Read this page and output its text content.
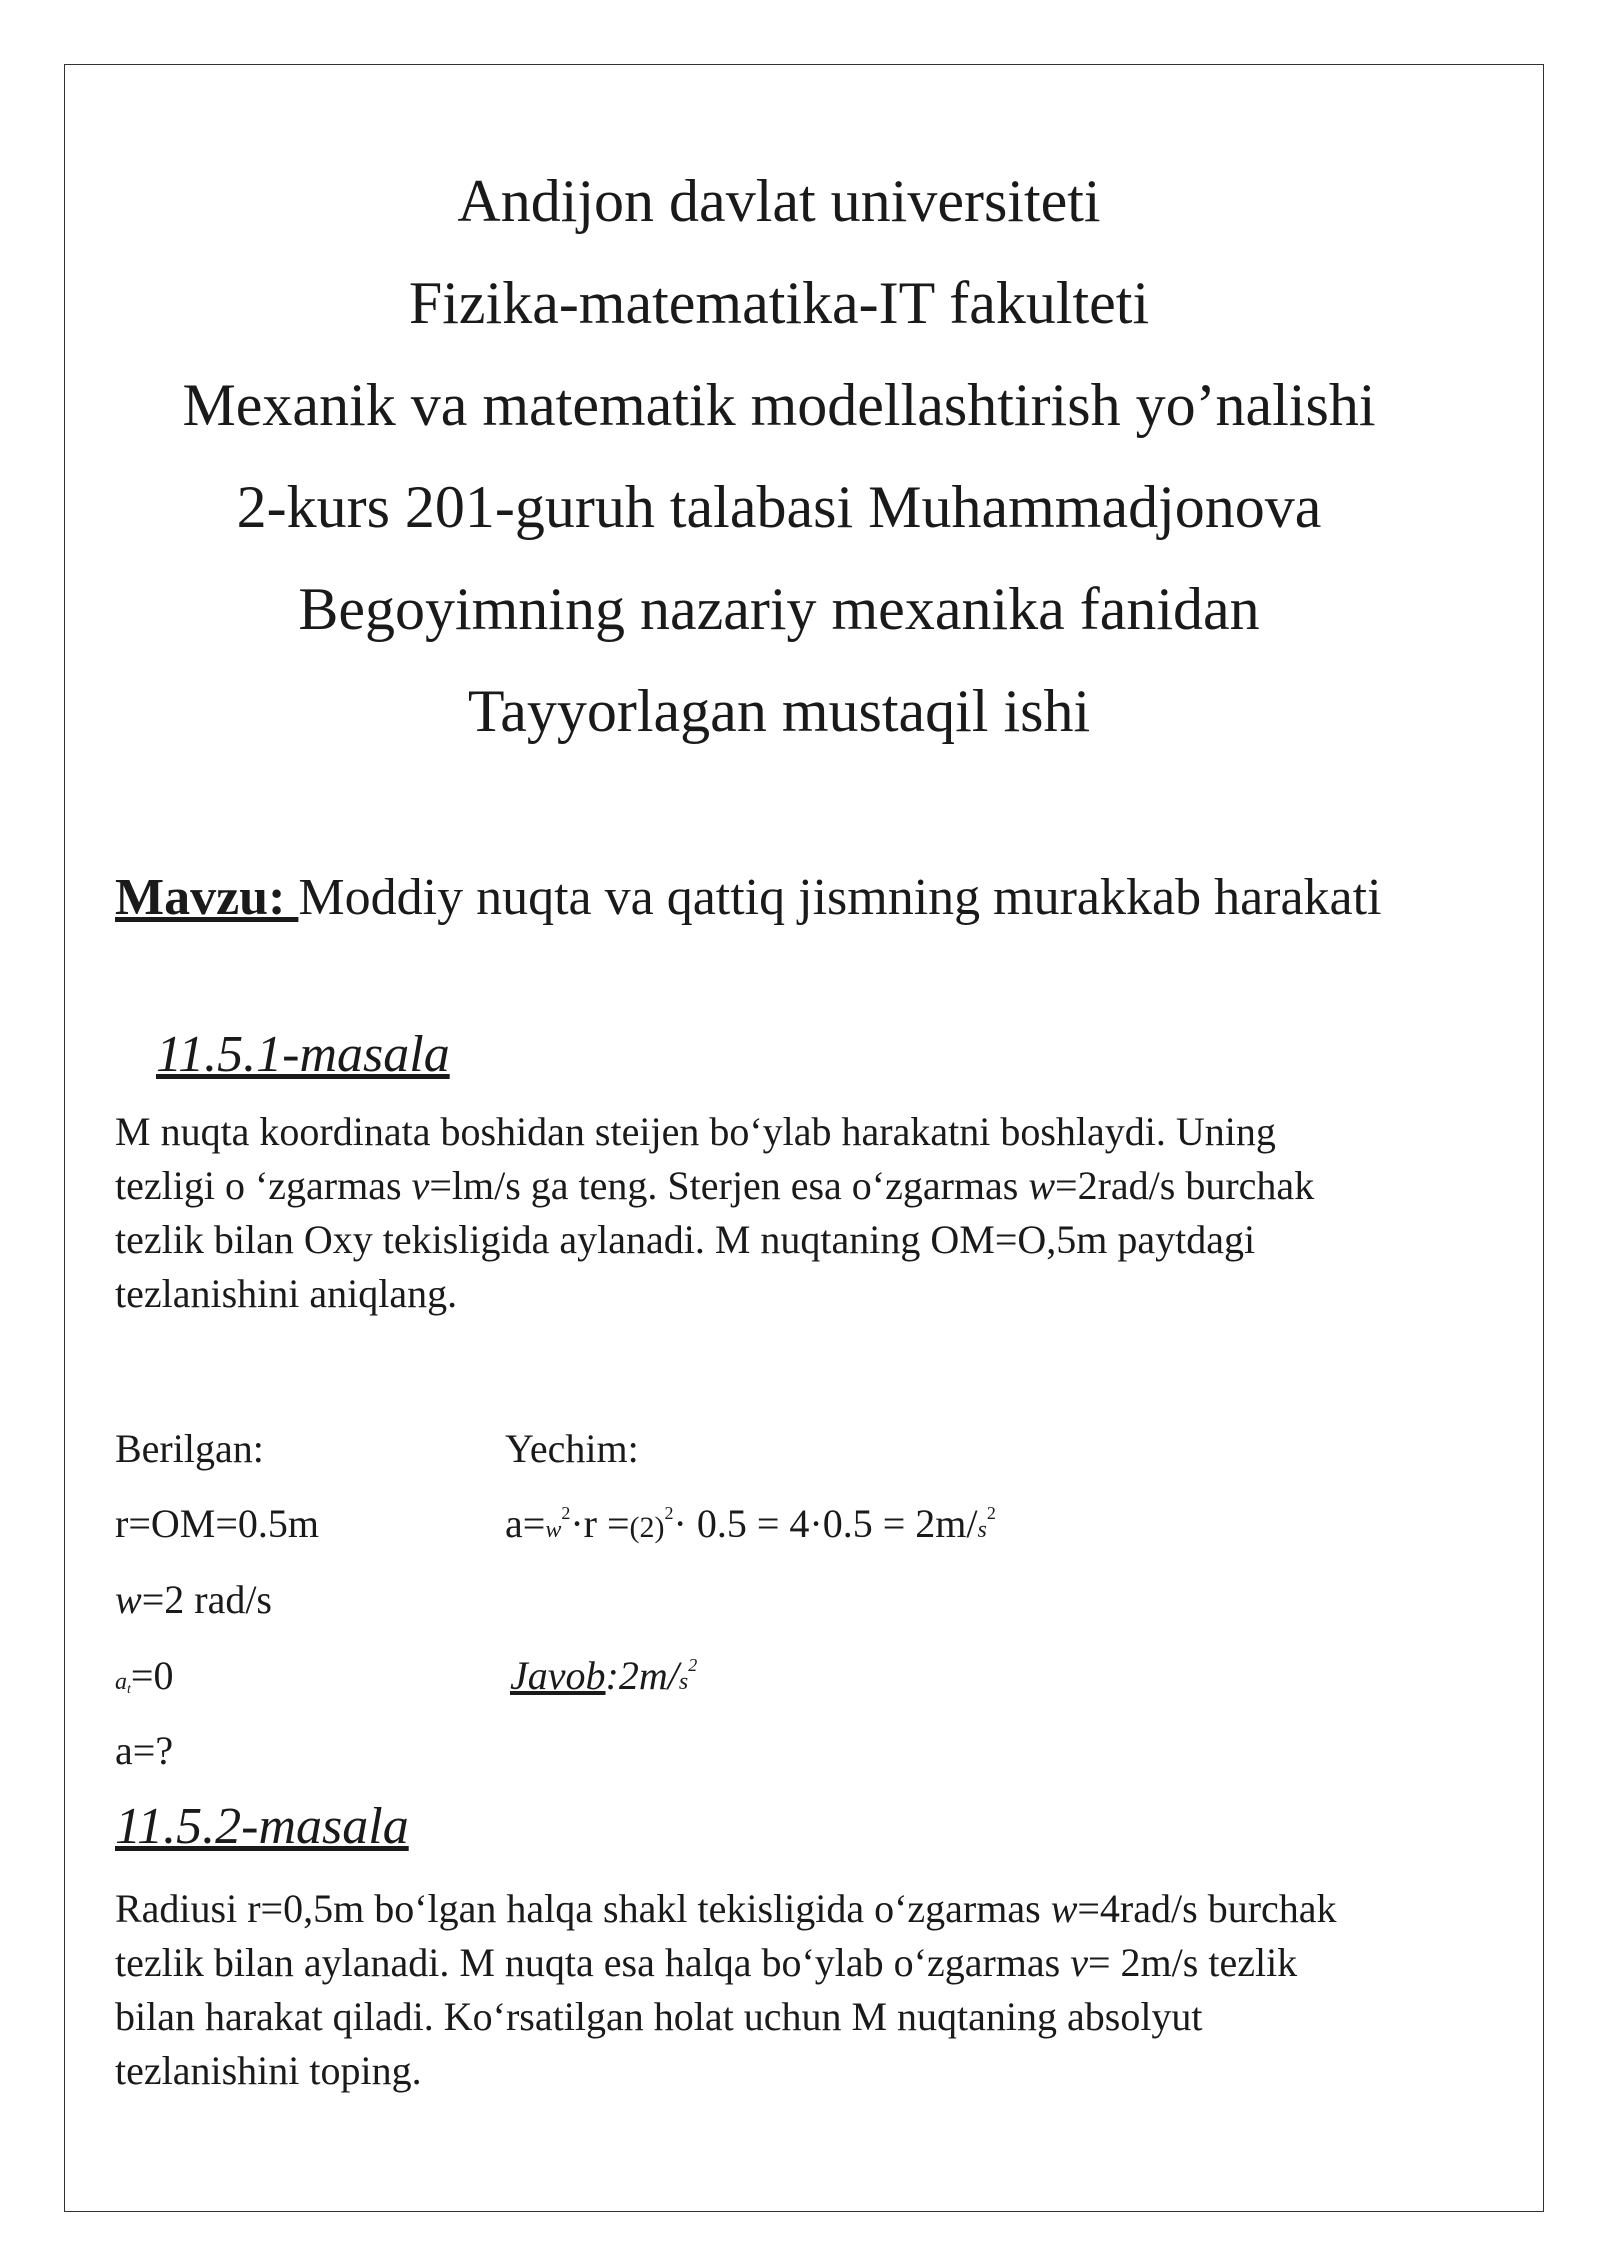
Andijon davlat universiteti
Fizika-matematika-IT fakulteti
Mexanik va matematik modellashtirish yo’nalishi
2-kurs 201-guruh talabasi Muhammadjonova
Begoyimning nazariy mexanika fanidan
Tayyorlagan mustaqil ishi
Mavzu: Moddiy nuqta va qattiq jismning murakkab harakati
11.5.1-masala
M nuqta koordinata boshidan steijen bo‘ylab harakatni boshlaydi. Uning
tezligi o ‘zgarmas v=lm/s ga teng. Sterjen esa o‘zgarmas w=2rad/s burchak
tezlik bilan Oxy tekisligida aylanadi. M nuqtaning OM=O,5m paytdagi
tezlanishini aniqlang.
Berilgan:
r=OM=0.5m
w=2 rad/s
$a_t=0$
a=?
Yechim:
$a=w^2\cdot r =(2)^2\cdot 0.5 = 4\cdot 0.5 = 2m/s^2$
$Javob:2m/s^2$
11.5.2-masala
Radiusi r=0,5m bo‘lgan halqa shakl tekisligida o‘zgarmas w=4rad/s burchak
tezlik bilan aylanadi. M nuqta esa halqa bo‘ylab o‘zgarmas v= 2m/s tezlik
bilan harakat qiladi. Ko‘rsatilgan holat uchun M nuqtaning absolyut
tezlanishini toping.
